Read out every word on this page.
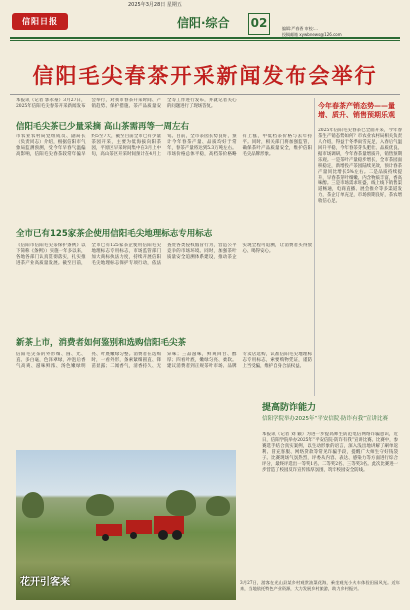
2025年3月28日 星期五
信阳日报	信阳·综合 02	编辑:严春香 审校:…
投稿邮箱 xywbnews@126.com
信阳毛尖春茶开采新闻发布会举行
本报讯（记者 郭永豪）3月27日，2025年信阳毛尖春茶开采新闻发布会举行，对我市春茶开采时间、产销趋势、保护措施、茶产品质量安全等工作进行发布，并就记者关心的问题进行了现场答复。
信阳毛尖茶已少量采摘 高山茶需再等一周左右
市农业农村局党组成员、副局长（负责同志）介绍，根据信阳市气象局监测预测，受今年早春气温偏高影响，信阳毛尖春茶较常年偏早约5至7天，截至目前全市已有少量茶园开采，主要为低海拔向阳茶园，平原区早采时间集中在3月上中旬，高山茶区开采时间预计在4月上旬。目前，全市茶园长势良好，预计今年春茶产量、品质均好于常年，春茶产量将达到5.3万吨左右。市场价格总体平稳，高档茶价格略有上涨，中低档茶价格与去年持平。同时，相关部门将加强监管，确保茶叶产品质量安全，维护信阳毛尖品牌形象。
全市已有125家茶企使用信阳毛尖地理标志专用标志
《信阳市信阳毛尖茶保护条例》以下简称《条例》）实施一年多以来，各地各部门认真贯彻落实，扎实推进茶产业高质量发展。截至目前，全市已有125家茶企使用信阳毛尖地理标志专用标志，市场监管部门加大商标执法力度，持续开展信阳毛尖地理标志保护专项行动，依法查处各类侵权假冒行为，营造公平竞争的市场环境。同时，加强茶叶质量安全追溯体系建设，推动茶企实现全程可追溯，让消费者买得放心、喝得安心。
新茶上市，消费者如何鉴别和选购信阳毛尖茶
信阳毛尖茶的外形细、圆、光、直、多白毫，色泽翠绿，冲泡后香气高爽、滋味鲜浓、汤色嫩绿明亮、叶底嫩绿匀整。消费者在选购时，一看外形，条索紧细圆直、锋苗显露；二闻香气，清香持久、无异味；三品滋味，鲜爽回甘、醇厚；四看叶底，嫩绿匀亮、柔软。建议消费者到正规茶叶市场、品牌专卖店选购，认准信阳毛尖地理标志专用标志，索要购物凭证，谨防上当受骗，维护自身合法权益。
今年春茶产销态势——量增、质升、销售预期乐观
2025年信阳毛尖春茶已全面开采，今年春茶生产销态势如何？市农业农村局相关负责人介绍，得益于冬季雨雪充足，入春后气温回升平稳，今年春茶芽头肥壮、品质优良。据市场调研，今年春茶量增质升，销售预期乐观。一是茶叶产量稳步增长，全市茶园面积稳定，新增投产茶园陆续见效，预计春茶产量同比增长5%左右。二是品质持续提升，早春茶芽叶细嫩、内含物质丰富，香高味醇。三是市场需求旺盛，线上线下销售渠道畅通，电商直播、展会推介等多渠道发力，茶企订单充足，市场预期良好，茶农增收信心足。
花开引客来	3月27日，游客在光山县某乡村观赏油菜花海，乘坐观光小火车体验田园风光。近年来，当地依托特色产业资源，大力发展乡村旅游，助力乡村振兴。
提高防诈能力
信阳学院举办2025年“平安信院·防诈有我”宣讲比赛
本报讯（记者 刘 颖）为进一步提高师生防范电信网络诈骗意识，近日，信阳学院举办2025年“平安信院·防诈有我”宣讲比赛。比赛中，参赛选手结合真实案例，以生动形象的语言，深入浅出地讲解了刷单返利、冒充客服、网络贷款等常见诈骗手段，提醒广大师生守好钱袋子。比赛现场气氛热烈，评委从内容、表达、感染力等方面进行综合评分，最终评选出一等奖1名、二等奖2名、三等奖3名。此次比赛进一步营造了校园反诈宣传浓厚氛围，筑牢校园安全防线。
